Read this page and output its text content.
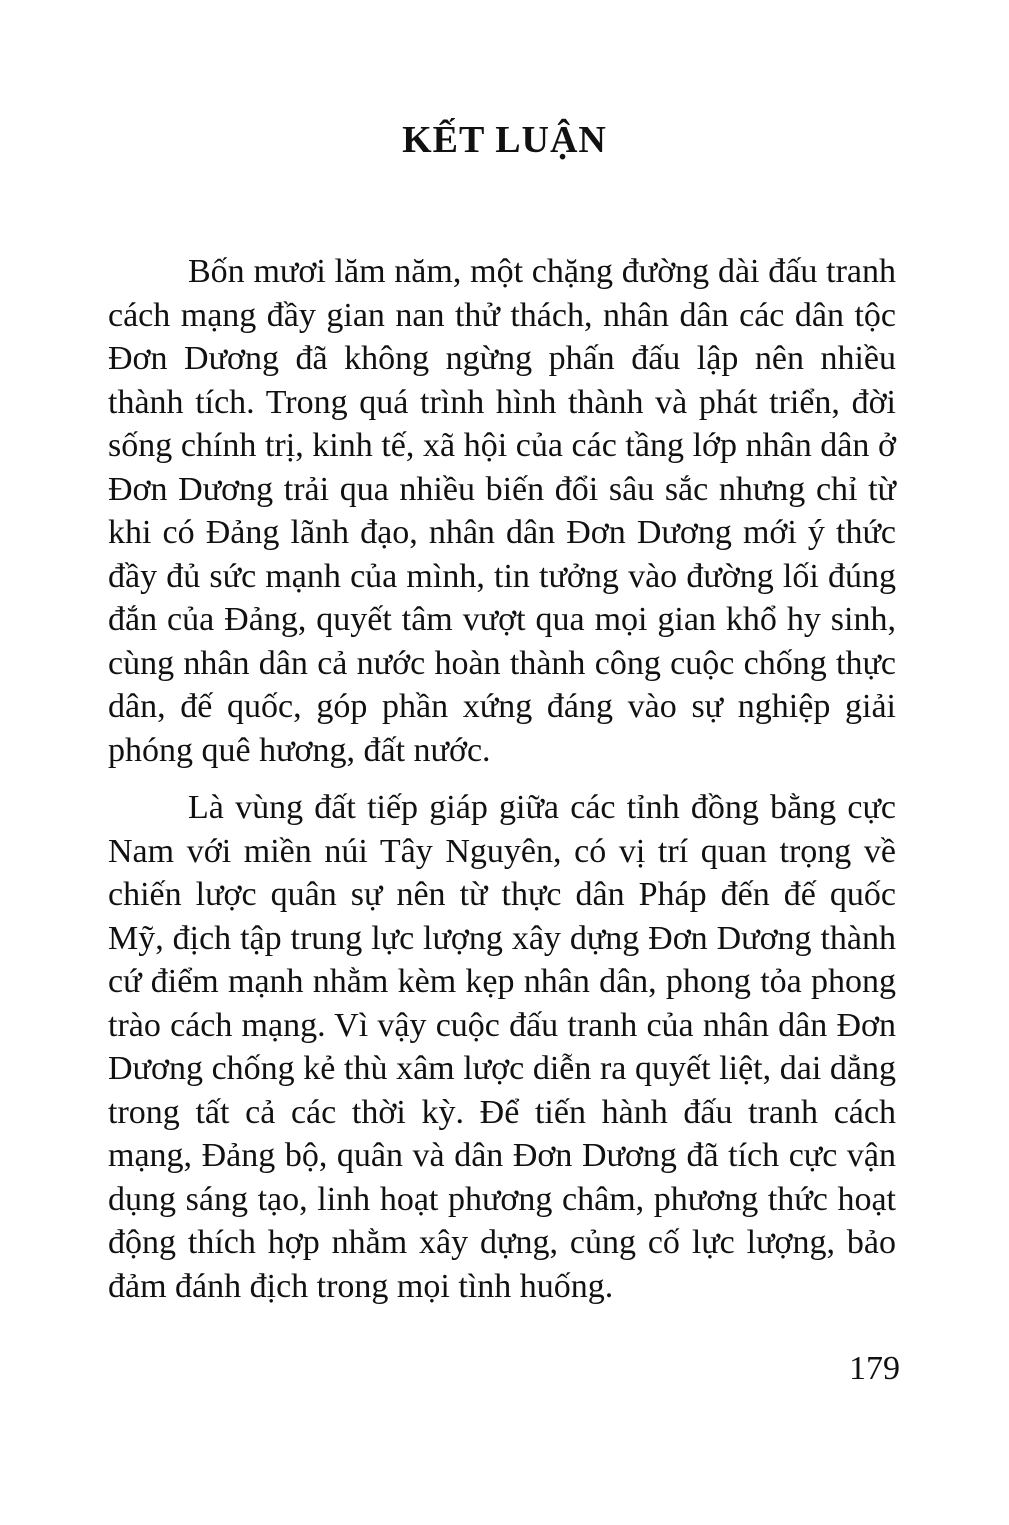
KẾT LUẬN

Bốn mươi lăm năm, một chặng đường dài đấu tranh cách mạng đầy gian nan thử thách, nhân dân các dân tộc Đơn Dương đã không ngừng phấn đấu lập nên nhiều thành tích. Trong quá trình hình thành và phát triển, đời sống chính trị, kinh tế, xã hội của các tầng lớp nhân dân ở Đơn Dương trải qua nhiều biến đổi sâu sắc nhưng chỉ từ khi có Đảng lãnh đạo, nhân dân Đơn Dương mới ý thức đầy đủ sức mạnh của mình, tin tưởng vào đường lối đúng đắn của Đảng, quyết tâm vượt qua mọi gian khổ hy sinh, cùng nhân dân cả nước hoàn thành công cuộc chống thực dân, đế quốc, góp phần xứng đáng vào sự nghiệp giải phóng quê hương, đất nước.

Là vùng đất tiếp giáp giữa các tỉnh đồng bằng cực Nam với miền núi Tây Nguyên, có vị trí quan trọng về chiến lược quân sự nên từ thực dân Pháp đến đế quốc Mỹ, địch tập trung lực lượng xây dựng Đơn Dương thành cứ điểm mạnh nhằm kèm kẹp nhân dân, phong tỏa phong trào cách mạng. Vì vậy cuộc đấu tranh của nhân dân Đơn Dương chống kẻ thù xâm lược diễn ra quyết liệt, dai dẳng trong tất cả các thời kỳ. Để tiến hành đấu tranh cách mạng, Đảng bộ, quân và dân Đơn Dương đã tích cực vận dụng sáng tạo, linh hoạt phương châm, phương thức hoạt động thích hợp nhằm xây dựng, củng cố lực lượng, bảo đảm đánh địch trong mọi tình huống.

179
